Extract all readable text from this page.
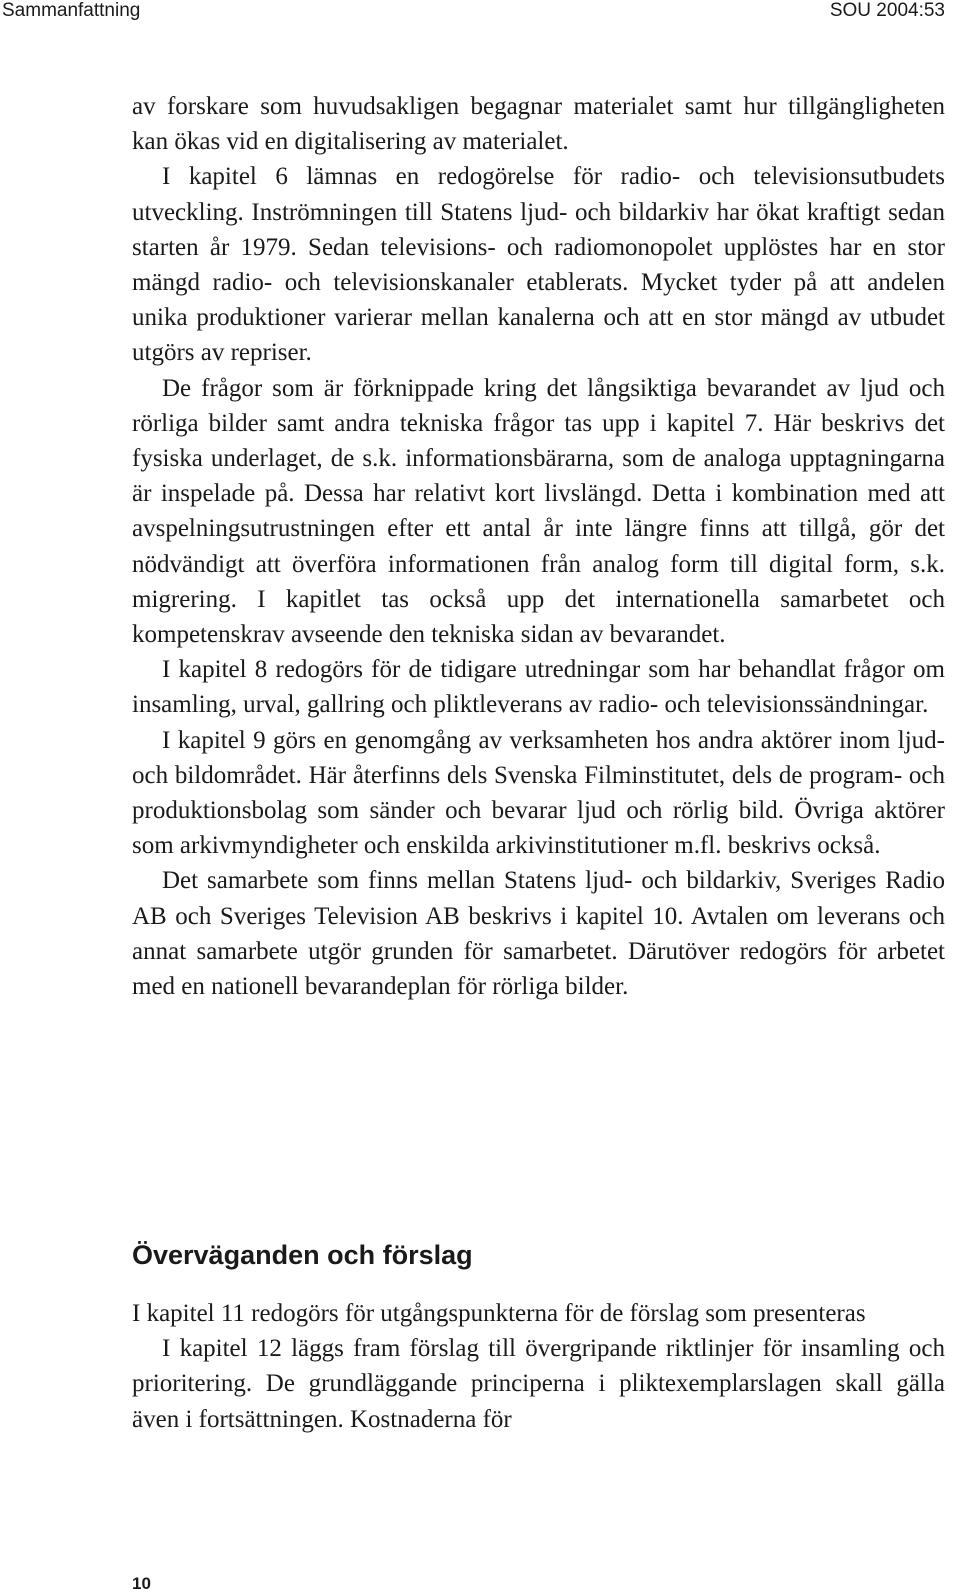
Sammanfattning	SOU 2004:53

av forskare som huvudsakligen begagnar materialet samt hur tillgängligheten kan ökas vid en digitalisering av materialet.

I kapitel 6 lämnas en redogörelse för radio- och televisionsutbudets utveckling. Inströmningen till Statens ljud- och bildarkiv har ökat kraftigt sedan starten år 1979. Sedan televisions- och radiomonopolet upplöstes har en stor mängd radio- och televisionskanaler etablerats. Mycket tyder på att andelen unika produktioner varierar mellan kanalerna och att en stor mängd av utbudet utgörs av repriser.

De frågor som är förknippade kring det långsiktiga bevarandet av ljud och rörliga bilder samt andra tekniska frågor tas upp i kapitel 7. Här beskrivs det fysiska underlaget, de s.k. informationsbärarna, som de analoga upptagningarna är inspelade på. Dessa har relativt kort livslängd. Detta i kombination med att avspelningsutrustningen efter ett antal år inte längre finns att tillgå, gör det nödvändigt att överföra informationen från analog form till digital form, s.k. migrering. I kapitlet tas också upp det internationella samarbetet och kompetenskrav avseende den tekniska sidan av bevarandet.

I kapitel 8 redogörs för de tidigare utredningar som har behandlat frågor om insamling, urval, gallring och pliktleverans av radio- och televisionssändningar.

I kapitel 9 görs en genomgång av verksamheten hos andra aktörer inom ljud- och bildområdet. Här återfinns dels Svenska Filminstitutet, dels de program- och produktionsbolag som sänder och bevarar ljud och rörlig bild. Övriga aktörer som arkivmyndigheter och enskilda arkivinstitutioner m.fl. beskrivs också.

Det samarbete som finns mellan Statens ljud- och bildarkiv, Sveriges Radio AB och Sveriges Television AB beskrivs i kapitel 10. Avtalen om leverans och annat samarbete utgör grunden för samarbetet. Därutöver redogörs för arbetet med en nationell bevarandeplan för rörliga bilder.

Överväganden och förslag

I kapitel 11 redogörs för utgångspunkterna för de förslag som presenteras

I kapitel 12 läggs fram förslag till övergripande riktlinjer för insamling och prioritering. De grundläggande principerna i pliktexemplarslagen skall gälla även i fortsättningen. Kostnaderna för

10
